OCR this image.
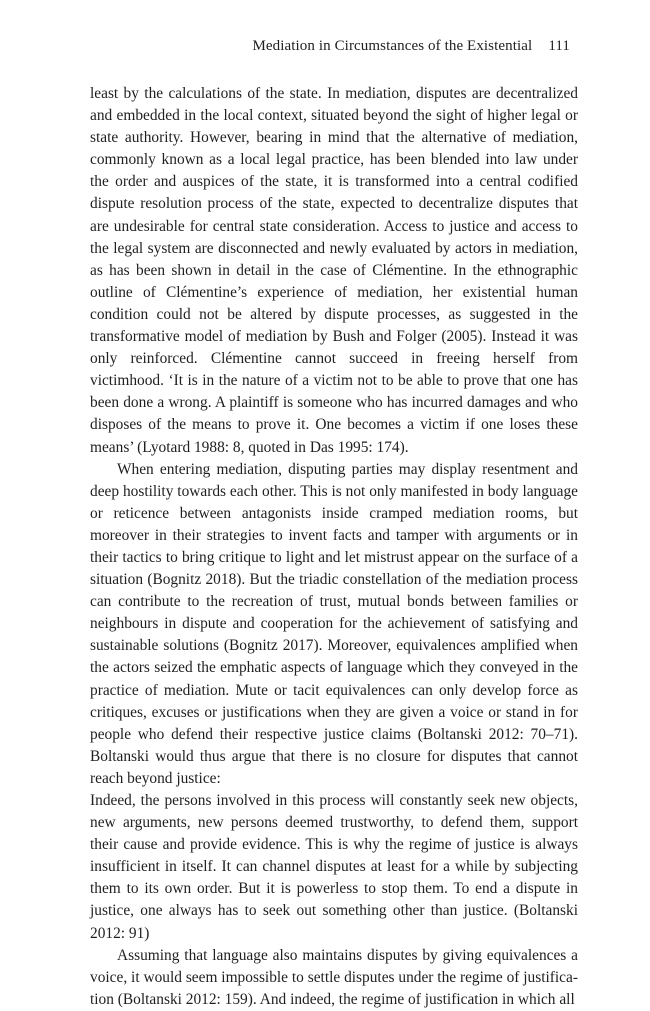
Mediation in Circumstances of the Existential 111

least by the calculations of the state. In mediation, disputes are decentralized and embedded in the local context, situated beyond the sight of higher legal or state authority. However, bearing in mind that the alternative of mediation, commonly known as a local legal practice, has been blended into law under the order and auspices of the state, it is transformed into a central codified dispute resolution process of the state, expected to decentralize disputes that are undesirable for central state consideration. Access to justice and access to the legal system are disconnected and newly evaluated by actors in mediation, as has been shown in detail in the case of Clémentine. In the ethnographic outline of Clémentine’s experience of mediation, her existential human condition could not be altered by dispute processes, as suggested in the transformative model of mediation by Bush and Folger (2005). Instead it was only reinforced. Clémentine cannot succeed in freeing herself from victimhood. ‘It is in the nature of a victim not to be able to prove that one has been done a wrong. A plaintiff is someone who has incurred damages and who disposes of the means to prove it. One becomes a victim if one loses these means’ (Lyotard 1988: 8, quoted in Das 1995: 174).

When entering mediation, disputing parties may display resentment and deep hostility towards each other. This is not only manifested in body language or reticence between antagonists inside cramped mediation rooms, but moreover in their strategies to invent facts and tamper with arguments or in their tactics to bring critique to light and let mistrust appear on the surface of a situation (Bognitz 2018). But the triadic constellation of the mediation process can contribute to the recreation of trust, mutual bonds between families or neighbours in dispute and cooperation for the achievement of satisfying and sustainable solutions (Bognitz 2017). Moreover, equivalences amplified when the actors seized the emphatic aspects of language which they conveyed in the practice of mediation. Mute or tacit equivalences can only develop force as critiques, excuses or justifications when they are given a voice or stand in for people who defend their respective justice claims (Boltanski 2012: 70–71). Boltanski would thus argue that there is no closure for disputes that cannot reach beyond justice:

Indeed, the persons involved in this process will constantly seek new objects, new arguments, new persons deemed trustworthy, to defend them, support their cause and provide evidence. This is why the regime of justice is always insufficient in itself. It can channel disputes at least for a while by subjecting them to its own order. But it is powerless to stop them. To end a dispute in justice, one always has to seek out something other than justice. (Boltanski 2012: 91)

Assuming that language also maintains disputes by giving equivalences a voice, it would seem impossible to settle disputes under the regime of justification (Boltanski 2012: 159). And indeed, the regime of justification in which all
